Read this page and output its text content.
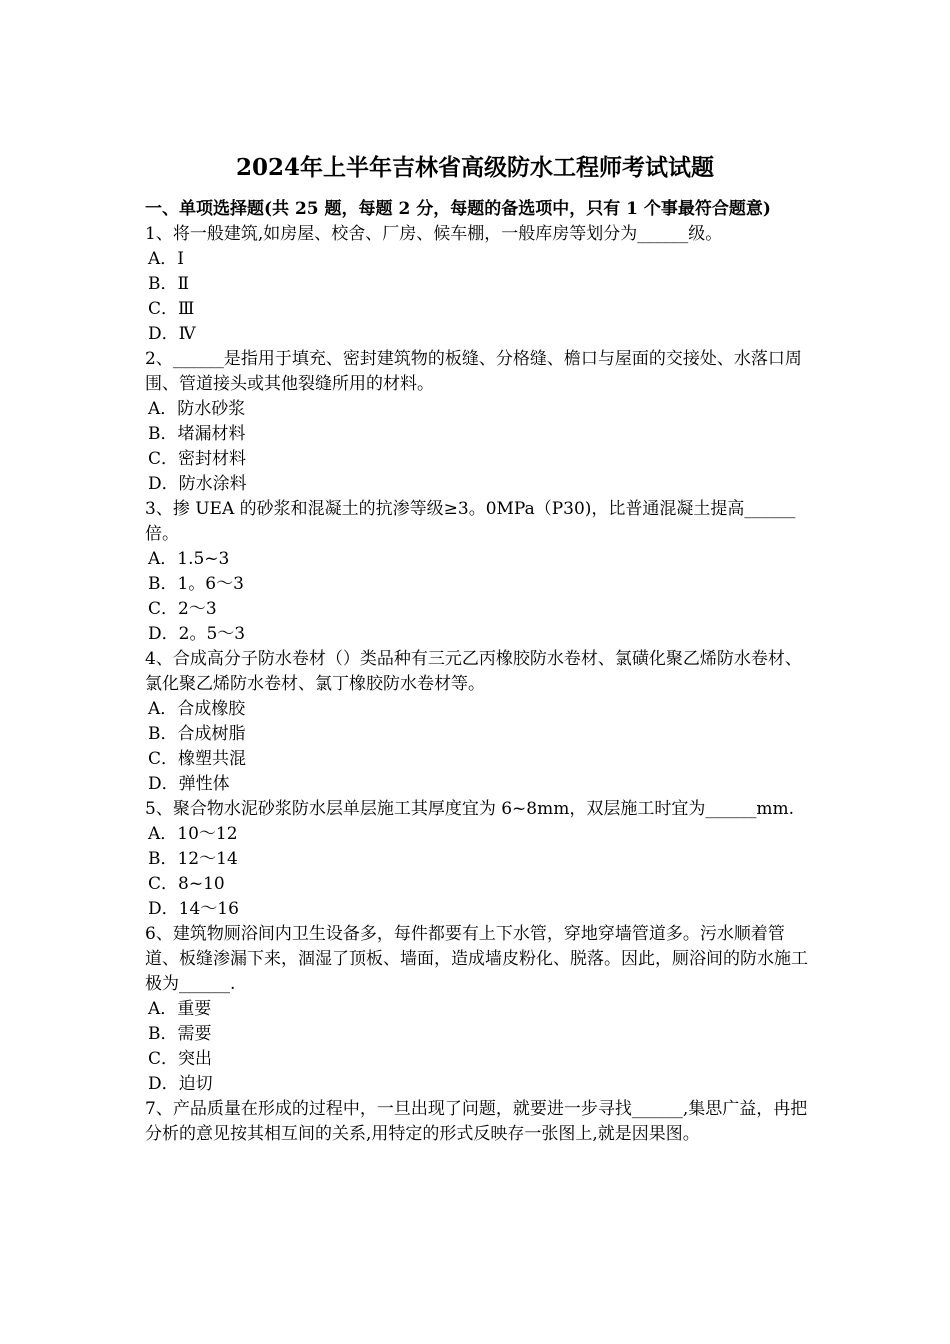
2024年上半年吉林省高级防水工程师考试试题

一、单项选择题(共 25 题，每题 2 分，每题的备选项中，只有 1 个事最符合题意)

1、将一般建筑,如房屋、校舍、厂房、候车棚，一般库房等划分为______级。

A．Ⅰ

B．Ⅱ

C．Ⅲ

D．Ⅳ

2、______是指用于填充、密封建筑物的板缝、分格缝、檐口与屋面的交接处、水落口周围、管道接头或其他裂缝所用的材料。

A．防水砂浆

B．堵漏材料

C．密封材料

D．防水涂料

3、掺 UEA 的砂浆和混凝土的抗渗等级≥3。0MPa（P30)，比普通混凝土提高______倍。

A．1.5~3

B．1。6～3

C．2～3

D．2。5～3

4、合成高分子防水卷材（）类品种有三元乙丙橡胶防水卷材、氯磺化聚乙烯防水卷材、氯化聚乙烯防水卷材、氯丁橡胶防水卷材等。

A．合成橡胶

B．合成树脂

C．橡塑共混

D．弹性体

5、聚合物水泥砂浆防水层单层施工其厚度宜为 6~8mm，双层施工时宜为______mm.

A．10～12

B．12～14

C．8~10

D．14～16

6、建筑物厕浴间内卫生设备多，每件都要有上下水管，穿地穿墙管道多。污水顺着管道、板缝渗漏下来，涸湿了顶板、墙面，造成墙皮粉化、脱落。因此，厕浴间的防水施工极为______.

A．重要

B．需要

C．突出

D．迫切

7、产品质量在形成的过程中，一旦出现了问题，就要进一步寻找______,集思广益，冉把分析的意见按其相互间的关系,用特定的形式反映存一张图上,就是因果图。
